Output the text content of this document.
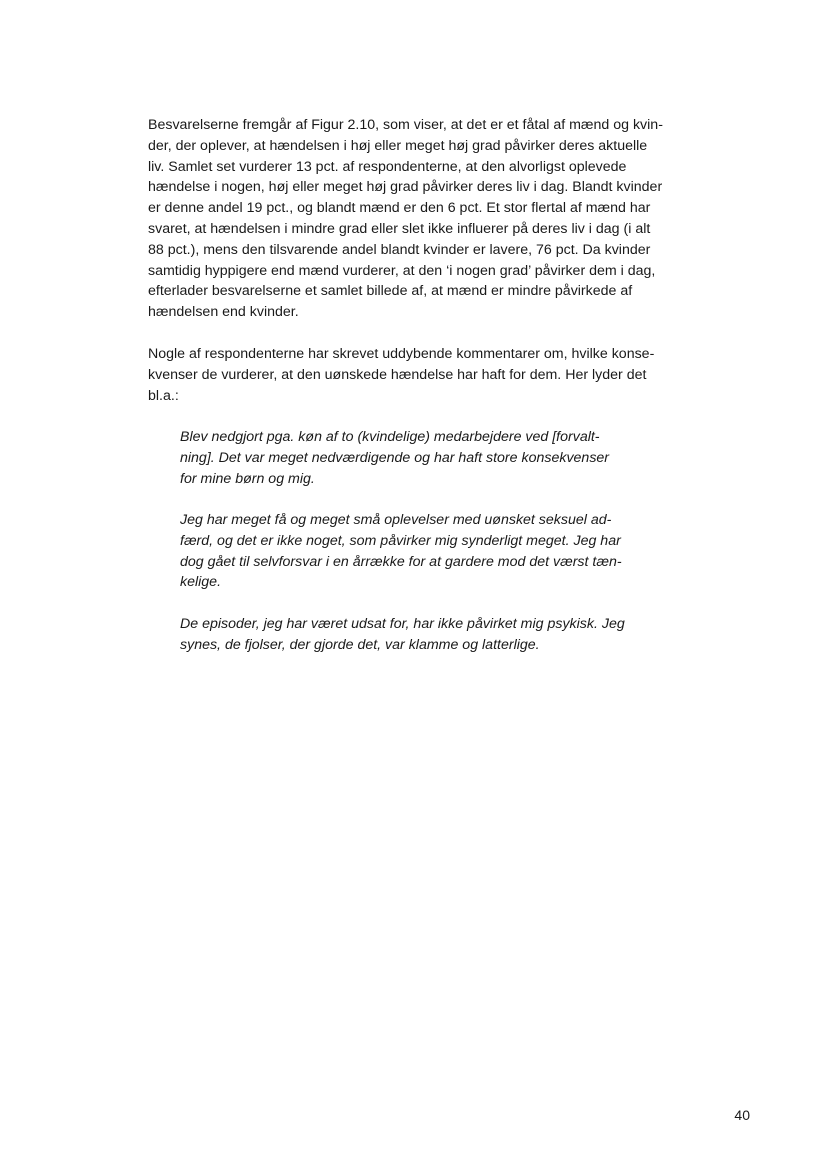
Besvarelserne fremgår af Figur 2.10, som viser, at det er et fåtal af mænd og kvin-
der, der oplever, at hændelsen i høj eller meget høj grad påvirker deres aktuelle
liv. Samlet set vurderer 13 pct. af respondenterne, at den alvorligst oplevede
hændelse i nogen, høj eller meget høj grad påvirker deres liv i dag. Blandt kvinder
er denne andel 19 pct., og blandt mænd er den 6 pct. Et stor flertal af mænd har
svaret, at hændelsen i mindre grad eller slet ikke influerer på deres liv i dag (i alt
88 pct.), mens den tilsvarende andel blandt kvinder er lavere, 76 pct. Da kvinder
samtidig hyppigere end mænd vurderer, at den ‘i nogen grad’ påvirker dem i dag,
efterlader besvarelserne et samlet billede af, at mænd er mindre påvirkede af
hændelsen end kvinder.
Nogle af respondenterne har skrevet uddybende kommentarer om, hvilke konse-
kvenser de vurderer, at den uønskede hændelse har haft for dem. Her lyder det
bl.a.:
Blev nedgjort pga. køn af to (kvindelige) medarbejdere ved [forvalt-
ning]. Det var meget nedværdigende og har haft store konsekvenser
for mine børn og mig.
Jeg har meget få og meget små oplevelser med uønsket seksuel ad-
færd, og det er ikke noget, som påvirker mig synderligt meget. Jeg har
dog gået til selvforsvar i en årrække for at gardere mod det værst tæn-
kelige.
De episoder, jeg har været udsat for, har ikke påvirket mig psykisk. Jeg
synes, de fjolser, der gjorde det, var klamme og latterlige.
40
